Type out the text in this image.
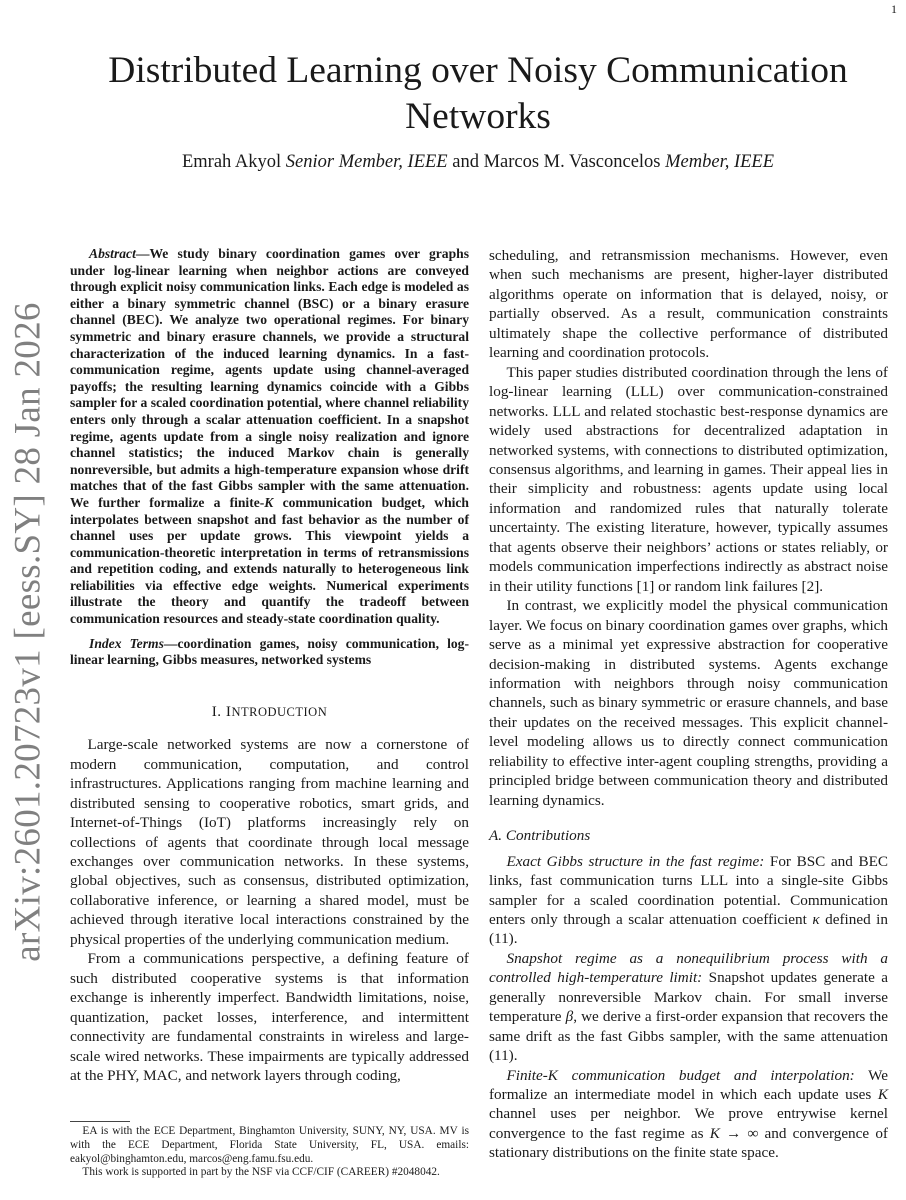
1
arXiv:2601.20723v1 [eess.SY] 28 Jan 2026
Distributed Learning over Noisy Communication Networks

Emrah Akyol Senior Member, IEEE and Marcos M. Vasconcelos Member, IEEE

Abstract—We study binary coordination games over graphs under log-linear learning when neighbor actions are conveyed through explicit noisy communication links. Each edge is modeled as either a binary symmetric channel (BSC) or a binary erasure channel (BEC). We analyze two operational regimes. For binary symmetric and binary erasure channels, we provide a structural characterization of the induced learning dynamics. In a fast-communication regime, agents update using channel-averaged payoffs; the resulting learning dynamics coincide with a Gibbs sampler for a scaled coordination potential, where channel reliability enters only through a scalar attenuation coefficient. In a snapshot regime, agents update from a single noisy realization and ignore channel statistics; the induced Markov chain is generally nonreversible, but admits a high-temperature expansion whose drift matches that of the fast Gibbs sampler with the same attenuation. We further formalize a finite-K communication budget, which interpolates between snapshot and fast behavior as the number of channel uses per update grows. This viewpoint yields a communication-theoretic interpretation in terms of retransmissions and repetition coding, and extends naturally to heterogeneous link reliabilities via effective edge weights. Numerical experiments illustrate the theory and quantify the tradeoff between communication resources and steady-state coordination quality.

Index Terms—coordination games, noisy communication, log-linear learning, Gibbs measures, networked systems

I. INTRODUCTION

Large-scale networked systems are now a cornerstone of modern communication, computation, and control infrastructures. Applications ranging from machine learning and distributed sensing to cooperative robotics, smart grids, and Internet-of-Things (IoT) platforms increasingly rely on collections of agents that coordinate through local message exchanges over communication networks. In these systems, global objectives, such as consensus, distributed optimization, collaborative inference, or learning a shared model, must be achieved through iterative local interactions constrained by the physical properties of the underlying communication medium.

From a communications perspective, a defining feature of such distributed cooperative systems is that information exchange is inherently imperfect. Bandwidth limitations, noise, quantization, packet losses, interference, and intermittent connectivity are fundamental constraints in wireless and large-scale wired networks. These impairments are typically addressed at the PHY, MAC, and network layers through coding,

EA is with the ECE Department, Binghamton University, SUNY, NY, USA. MV is with the ECE Department, Florida State University, FL, USA. emails: eakyol@binghamton.edu, marcos@eng.famu.fsu.edu.

This work is supported in part by the NSF via CCF/CIF (CAREER) #2048042.

scheduling, and retransmission mechanisms. However, even when such mechanisms are present, higher-layer distributed algorithms operate on information that is delayed, noisy, or partially observed. As a result, communication constraints ultimately shape the collective performance of distributed learning and coordination protocols.

This paper studies distributed coordination through the lens of log-linear learning (LLL) over communication-constrained networks. LLL and related stochastic best-response dynamics are widely used abstractions for decentralized adaptation in networked systems, with connections to distributed optimization, consensus algorithms, and learning in games. Their appeal lies in their simplicity and robustness: agents update using local information and randomized rules that naturally tolerate uncertainty. The existing literature, however, typically assumes that agents observe their neighbors’ actions or states reliably, or models communication imperfections indirectly as abstract noise in their utility functions [1] or random link failures [2].

In contrast, we explicitly model the physical communication layer. We focus on binary coordination games over graphs, which serve as a minimal yet expressive abstraction for cooperative decision-making in distributed systems. Agents exchange information with neighbors through noisy communication channels, such as binary symmetric or erasure channels, and base their updates on the received messages. This explicit channel-level modeling allows us to directly connect communication reliability to effective inter-agent coupling strengths, providing a principled bridge between communication theory and distributed learning dynamics.

A. Contributions

Exact Gibbs structure in the fast regime: For BSC and BEC links, fast communication turns LLL into a single-site Gibbs sampler for a scaled coordination potential. Communication enters only through a scalar attenuation coefficient κ defined in (11).

Snapshot regime as a nonequilibrium process with a controlled high-temperature limit: Snapshot updates generate a generally nonreversible Markov chain. For small inverse temperature β, we derive a first-order expansion that recovers the same drift as the fast Gibbs sampler, with the same attenuation (11).

Finite-K communication budget and interpolation: We formalize an intermediate model in which each update uses K channel uses per neighbor. We prove entrywise kernel convergence to the fast regime as K → ∞ and convergence of stationary distributions on the finite state space.
